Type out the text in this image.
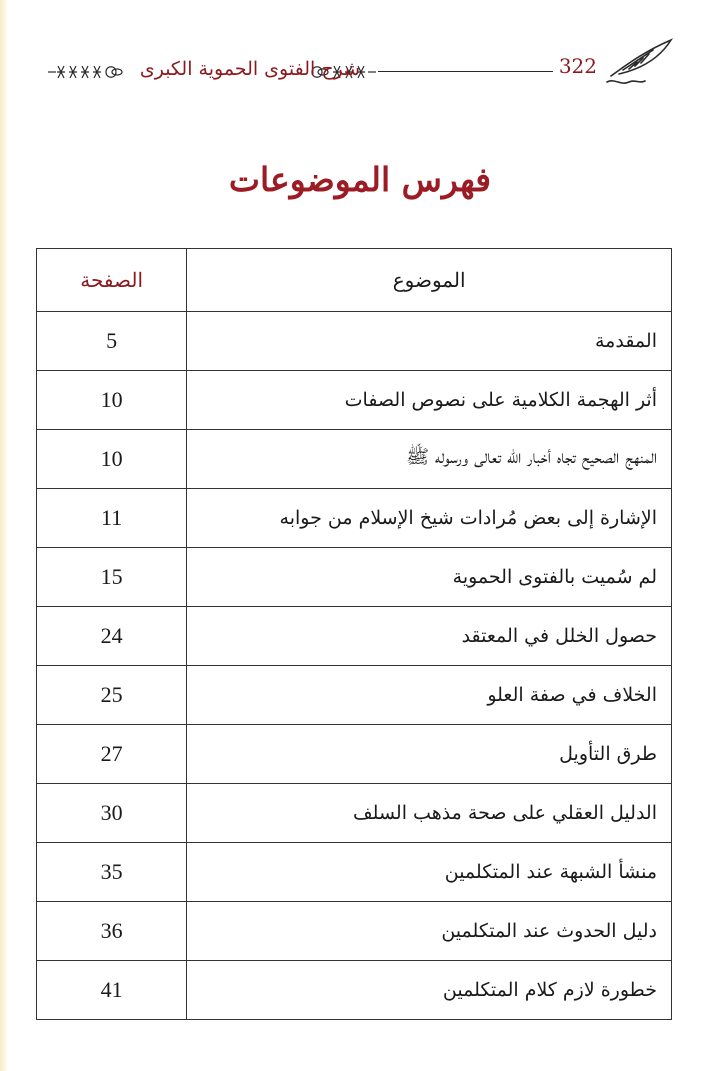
شرح الفتوى الحموية الكبرى	322
فهرس الموضوعات
الموضوع	الصفحة
المقدمة	5
أثر الهجمة الكلامية على نصوص الصفات	10
المنهج الصحيح تجاه أخبار الله تعالى ورسوله ﷺ	10
الإشارة إلى بعض مُرادات شيخ الإسلام من جوابه	11
لم سُميت بالفتوى الحموية	15
حصول الخلل في المعتقد	24
الخلاف في صفة العلو	25
طرق التأويل	27
الدليل العقلي على صحة مذهب السلف	30
منشأ الشبهة عند المتكلمين	35
دليل الحدوث عند المتكلمين	36
خطورة لازم كلام المتكلمين	41
